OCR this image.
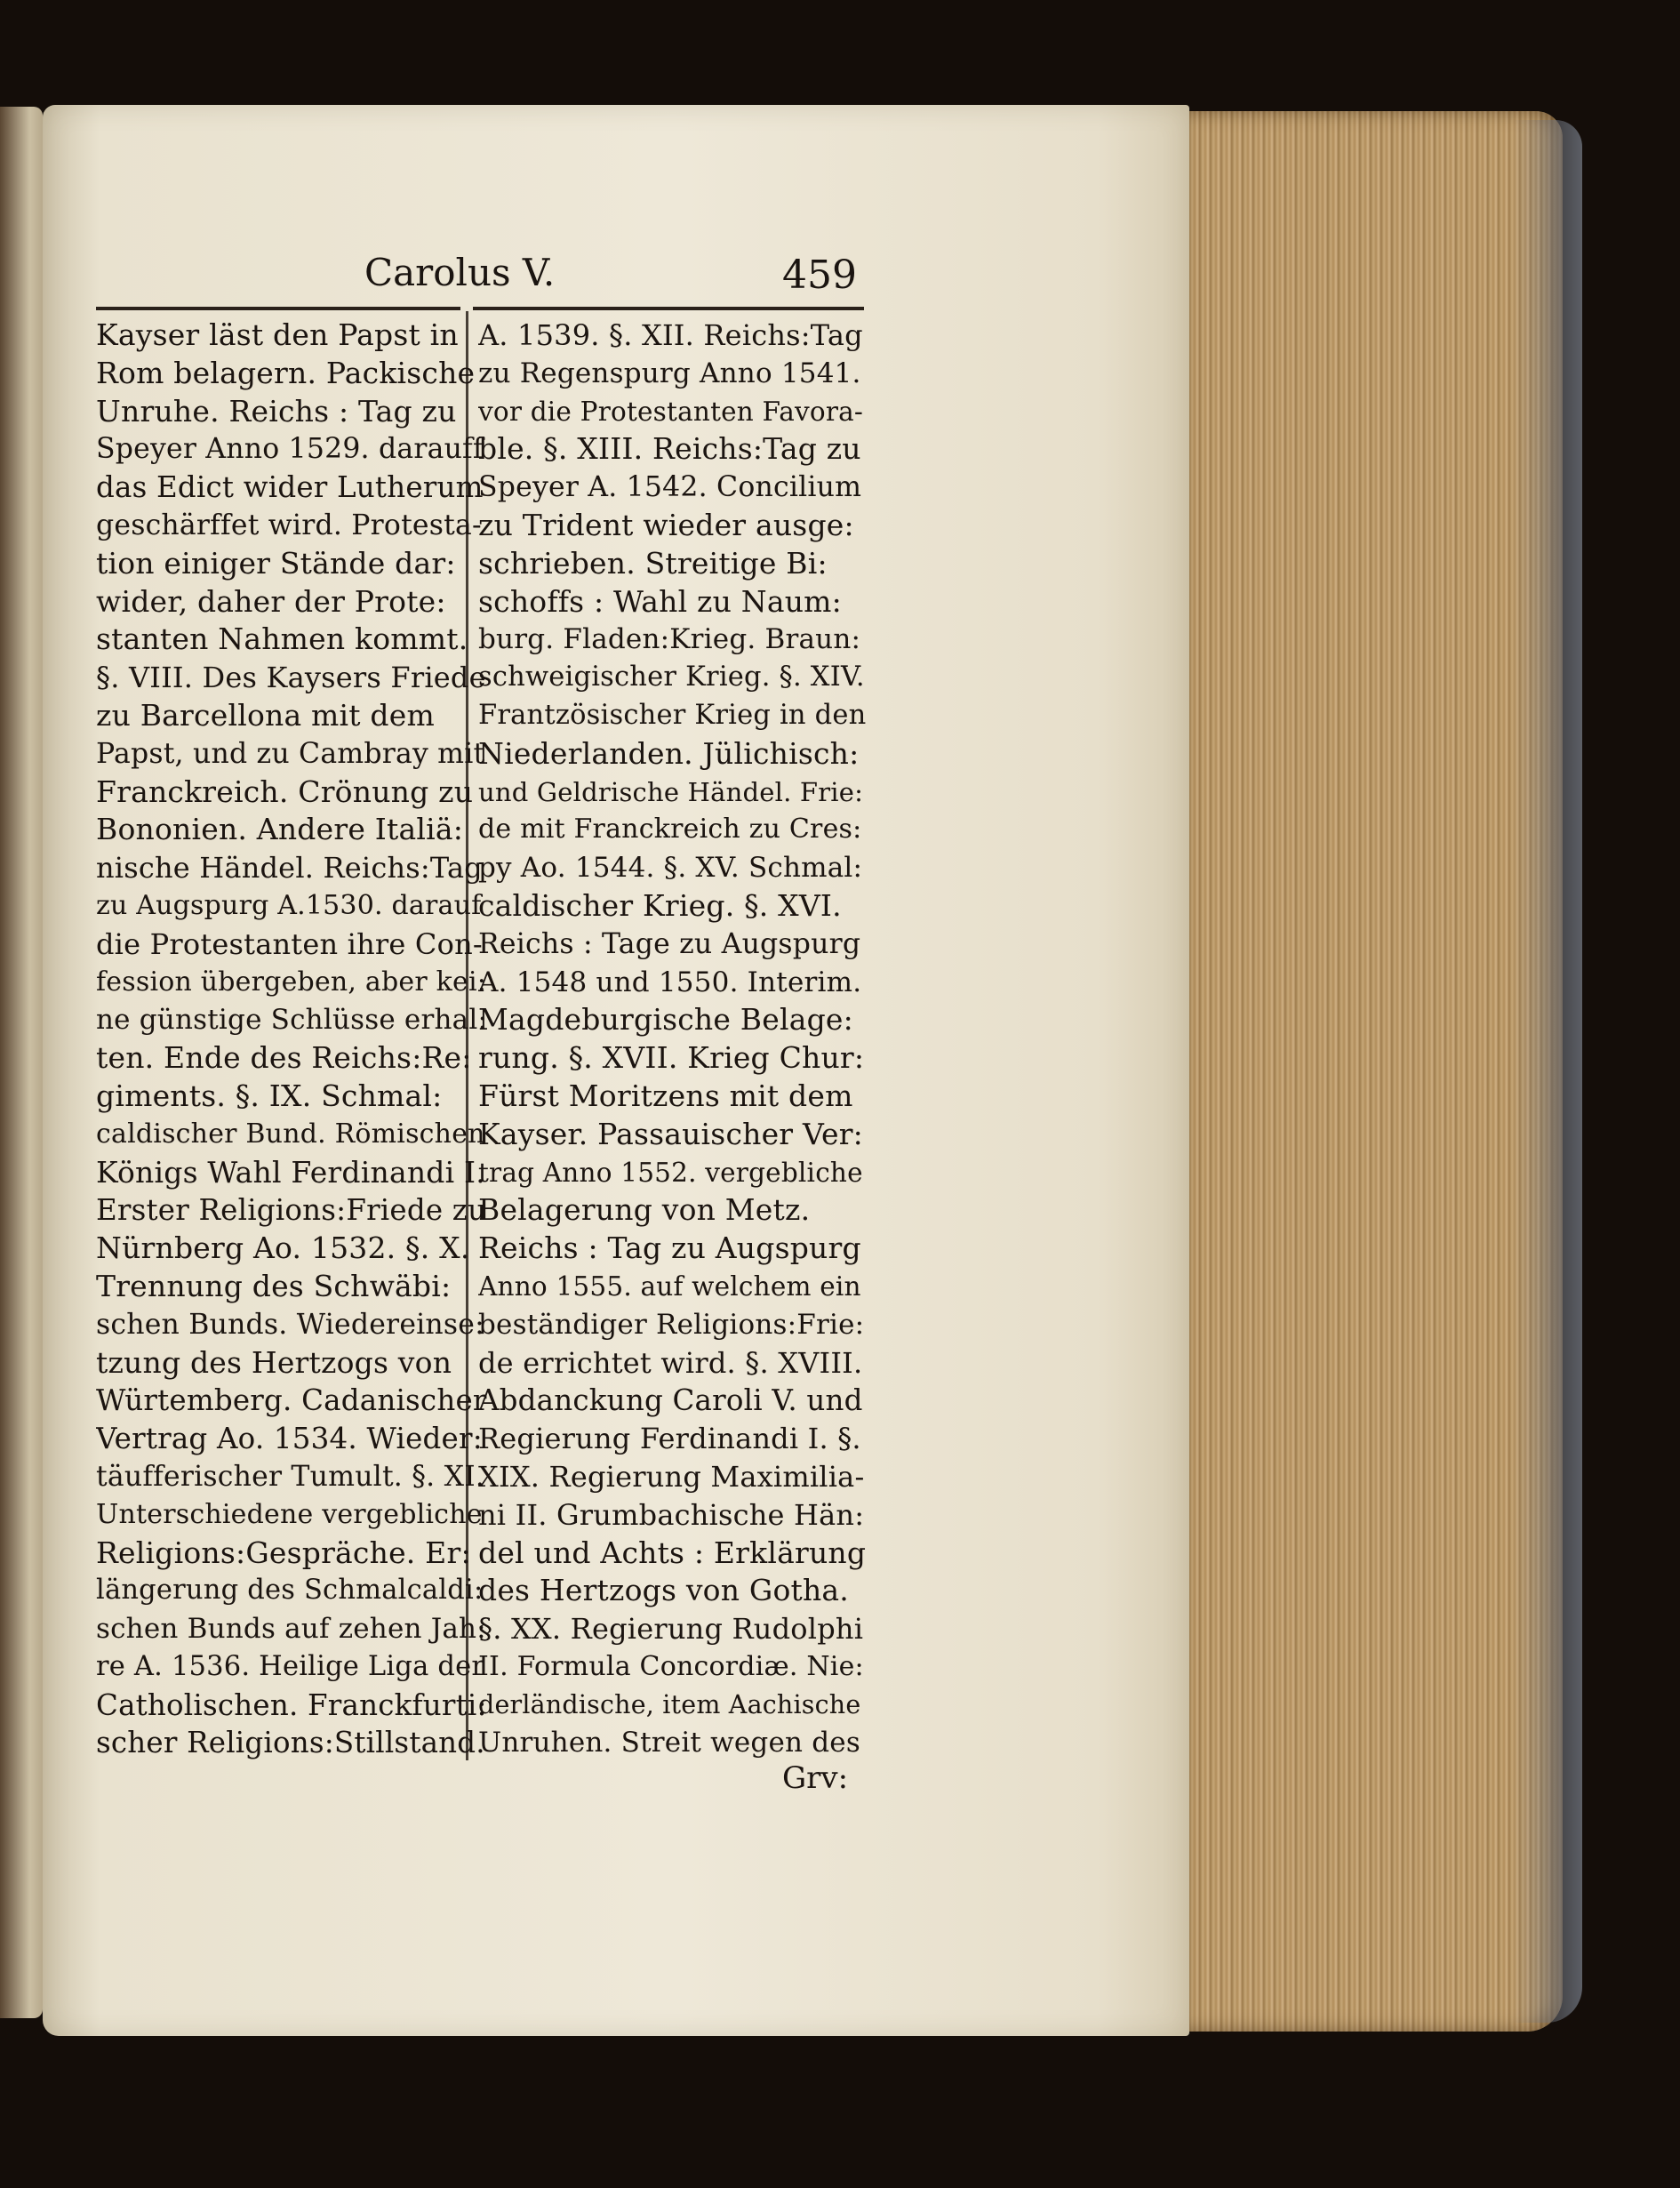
Carolus V.	459
Kayser läst den Papst in
Rom belagern. Packische
Unruhe. Reichs : Tag zu
Speyer Anno 1529. darauff
das Edict wider Lutherum
geschärffet wird. Protesta-
tion einiger Stände dar:
wider, daher der Prote:
stanten Nahmen kommt.
§. VIII. Des Kaysers Friede
zu Barcellona mit dem
Papst, und zu Cambray mit
Franckreich. Crönung zu
Bononien. Andere Italiä:
nische Händel. Reichs:Tag
zu Augspurg A.1530. darauf
die Protestanten ihre Con-
fession übergeben, aber kei:
ne günstige Schlüsse erhal:
ten. Ende des Reichs:Re:
giments. §. IX. Schmal:
caldischer Bund. Römischen
Königs Wahl Ferdinandi I.
Erster Religions:Friede zu
Nürnberg Ao. 1532. §. X.
Trennung des Schwäbi:
schen Bunds. Wiedereinse:
tzung des Hertzogs von
Würtemberg. Cadanischer
Vertrag Ao. 1534. Wieder:
täufferischer Tumult. §. XI.
Unterschiedene vergebliche
Religions:Gespräche. Er:
längerung des Schmalcaldi:
schen Bunds auf zehen Jah:
re A. 1536. Heilige Liga der
Catholischen. Franckfurti:
scher Religions:Stillstand.
A. 1539. §. XII. Reichs:Tag
zu Regenspurg Anno 1541.
vor die Protestanten Favora-
ble. §. XIII. Reichs:Tag zu
Speyer A. 1542. Concilium
zu Trident wieder ausge:
schrieben. Streitige Bi:
schoffs : Wahl zu Naum:
burg. Fladen:Krieg. Braun:
schweigischer Krieg. §. XIV.
Frantzösischer Krieg in den
Niederlanden. Jülichisch:
und Geldrische Händel. Frie:
de mit Franckreich zu Cres:
py Ao. 1544. §. XV. Schmal:
caldischer Krieg. §. XVI.
Reichs : Tage zu Augspurg
A. 1548 und 1550. Interim.
Magdeburgische Belage:
rung. §. XVII. Krieg Chur:
Fürst Moritzens mit dem
Kayser. Passauischer Ver:
trag Anno 1552. vergebliche
Belagerung von Metz.
Reichs : Tag zu Augspurg
Anno 1555. auf welchem ein
beständiger Religions:Frie:
de errichtet wird. §. XVIII.
Abdanckung Caroli V. und
Regierung Ferdinandi I. §.
XIX. Regierung Maximilia-
ni II. Grumbachische Hän:
del und Achts : Erklärung
des Hertzogs von Gotha.
§. XX. Regierung Rudolphi
II. Formula Concordiæ. Nie:
derländische, item Aachische
Unruhen. Streit wegen des
Grv:
